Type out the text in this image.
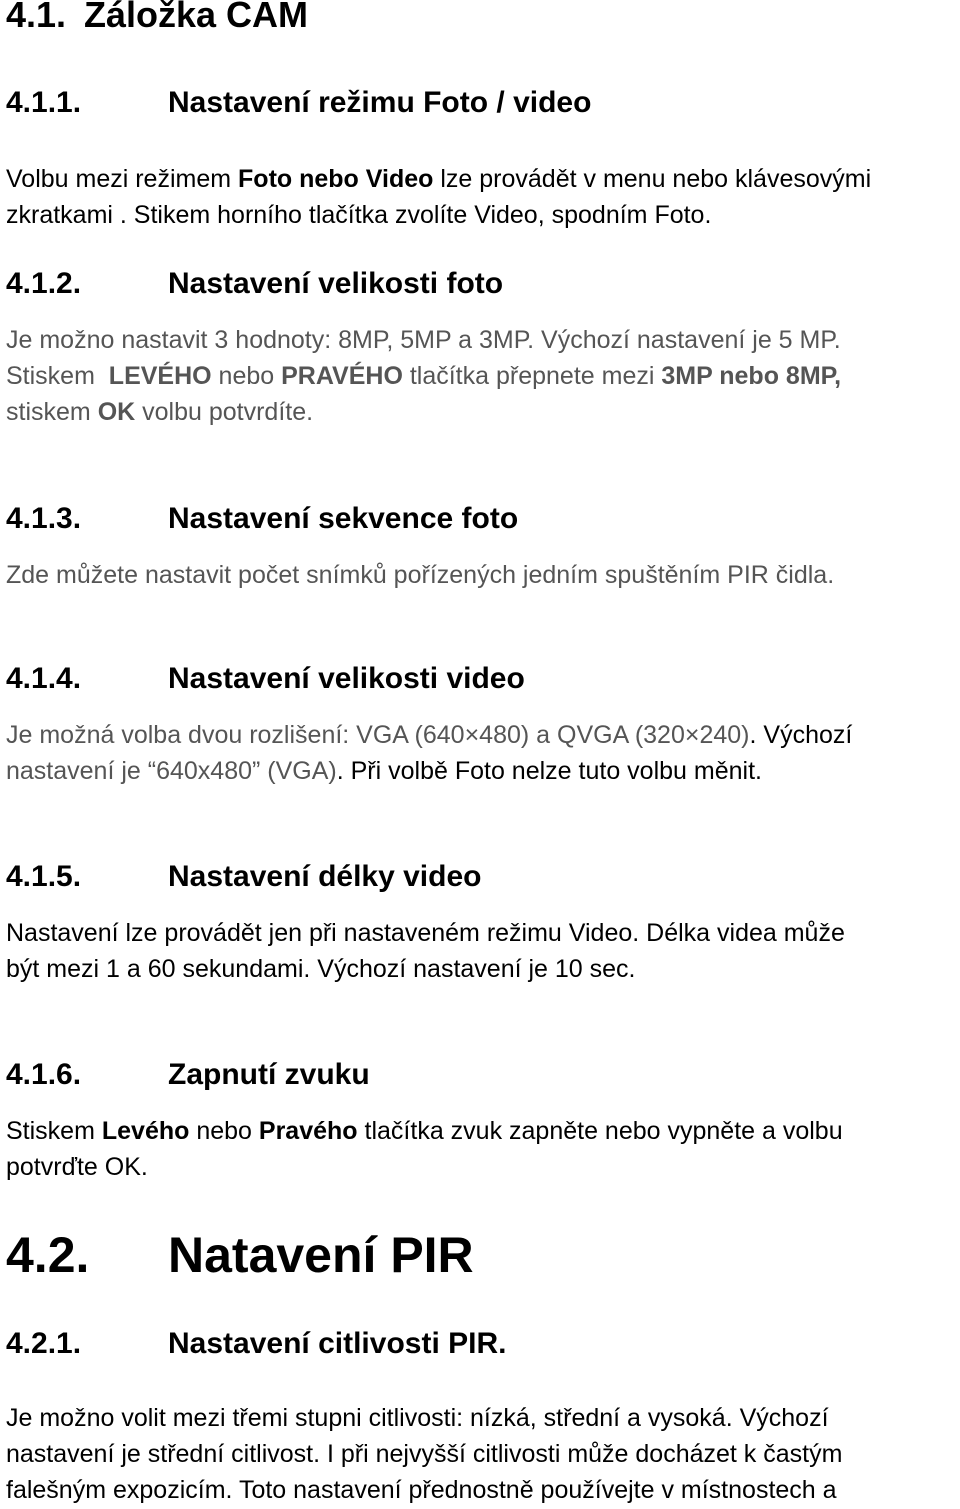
4.1. Záložka CAM
4.1.1.	Nastavení režimu Foto / video
Volbu mezi režimem Foto nebo Video lze provádět v menu nebo klávesovými
zkratkami . Stikem horního tlačítka zvolíte Video, spodním Foto.
4.1.2.	Nastavení velikosti foto
Je možno nastavit 3 hodnoty: 8MP, 5MP a 3MP. Výchozí nastavení je 5 MP.
Stiskem  LEVÉHO nebo PRAVÉHO tlačítka přepnete mezi 3MP nebo 8MP,
stiskem OK volbu potvrdíte.
4.1.3.	Nastavení sekvence foto
Zde můžete nastavit počet snímků pořízených jedním spuštěním PIR čidla.
4.1.4.	Nastavení velikosti video
Je možná volba dvou rozlišení: VGA (640×480) a QVGA (320×240). Výchozí
nastavení je “640x480” (VGA). Při volbě Foto nelze tuto volbu měnit.
4.1.5.	Nastavení délky video
Nastavení lze provádět jen při nastaveném režimu Video. Délka videa může
být mezi 1 a 60 sekundami. Výchozí nastavení je 10 sec.
4.1.6.	Zapnutí zvuku
Stiskem Levého nebo Pravého tlačítka zvuk zapněte nebo vypněte a volbu
potvrďte OK.
4.2. Natavení PIR
4.2.1.	Nastavení citlivosti PIR.
Je možno volit mezi třemi stupni citlivosti: nízká, střední a vysoká. Výchozí
nastavení je střední citlivost. I při nejvyšší citlivosti může docházet k častým
falešným expozicím. Toto nastavení přednostně používejte v místnostech a
